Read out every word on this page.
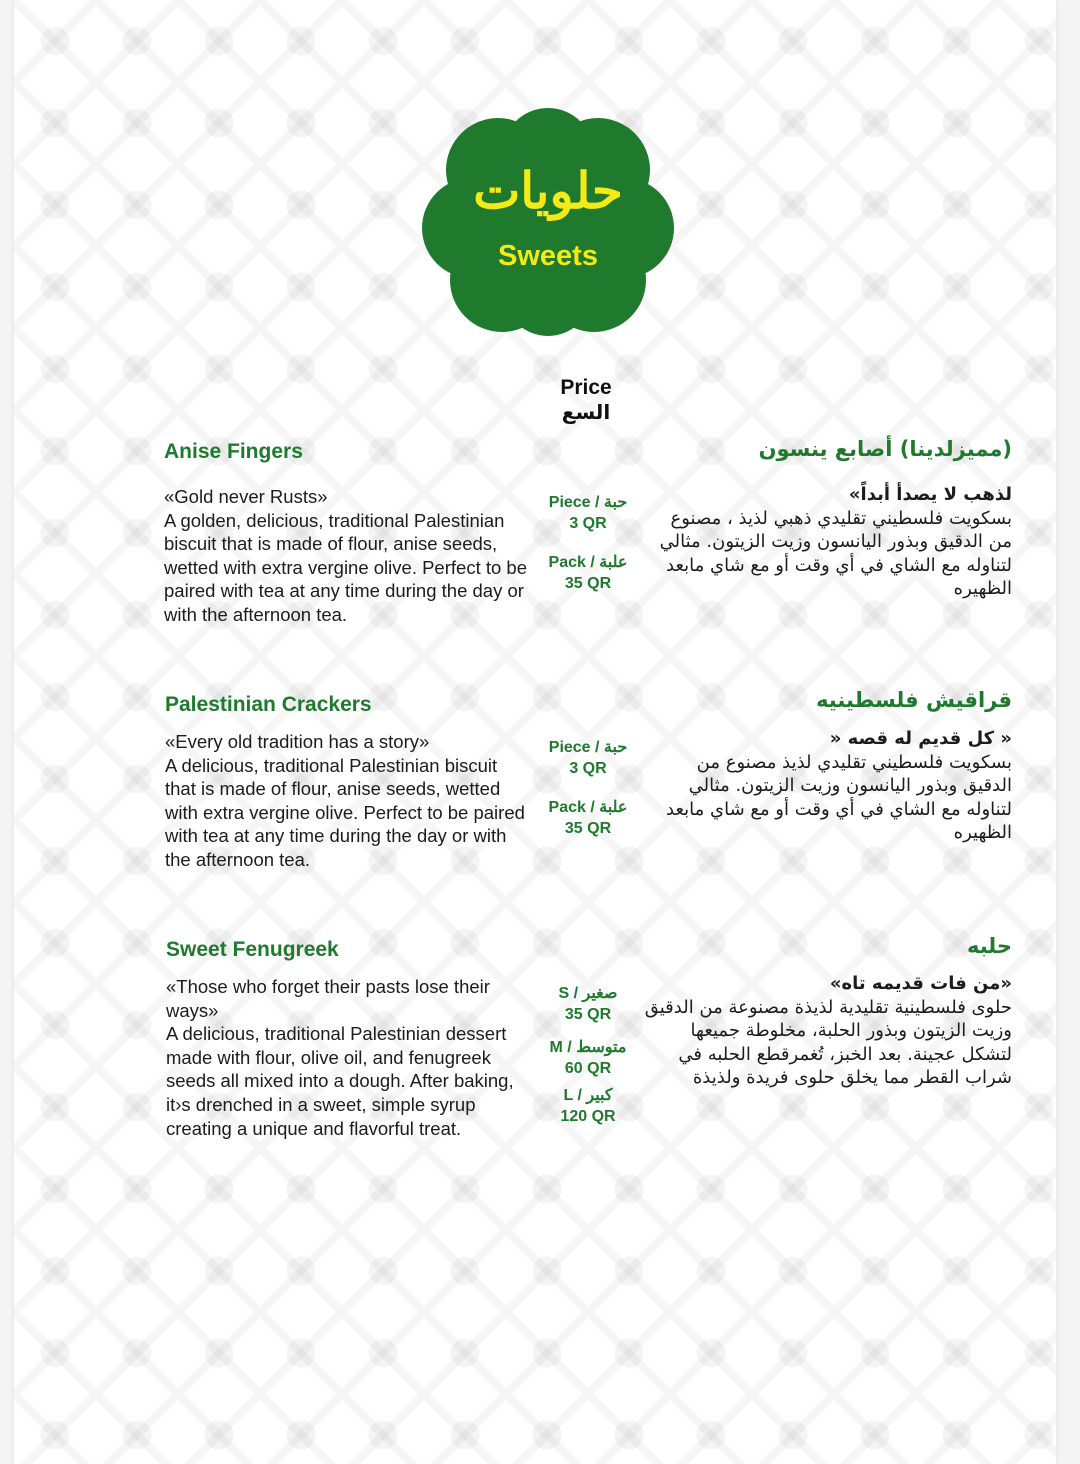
حلويات
Sweets
Price
السع
Anise Fingers
«Gold never Rusts»
A golden, delicious, traditional Palestinian biscuit that is made of flour, anise seeds, wetted with extra vergine olive. Perfect to be paired with tea at any time during the day or with the afternoon tea.
Piece / حبة
3 QR
Pack / علبة
35 QR
(مميزلدينا) أصابع ينسون
لذهب لا يصدأ أبداً»
بسكويت فلسطيني تقليدي ذهبي لذيذ ، مصنوع من الدقيق وبذور اليانسون وزيت الزيتون. مثالي لتناوله مع الشاي في أي وقت أو مع شاي مابعد الظهيره
Palestinian Crackers
«Every old tradition has a story»
A delicious, traditional Palestinian biscuit that is made of flour, anise seeds, wetted with extra vergine olive. Perfect to be paired with tea at any time during the day or with the afternoon tea.
Piece / حبة
3 QR
Pack / علبة
35 QR
قراقيش فلسطينيه
« كل قديم له قصه «
بسكويت فلسطيني تقليدي لذيذ مصنوع من الدقيق وبذور اليانسون وزيت الزيتون. مثالي لتناوله مع الشاي في أي وقت أو مع شاي مابعد الظهيره
Sweet Fenugreek
«Those who forget their pasts lose their ways»
A delicious, traditional Palestinian dessert made with flour, olive oil, and fenugreek seeds all mixed into a dough. After baking, it›s drenched in a sweet, simple syrup creating a unique and flavorful treat.
S / صغير
35 QR
M / متوسط
60 QR
L / كبير
120 QR
حلبه
«من فات قديمه تاه»
حلوى فلسطينية تقليدية لذيذة مصنوعة من الدقيق وزيت الزيتون وبذور الحلبة، مخلوطة جميعها لتشكل عجينة. بعد الخبز، تُغمرقطع الحلبه في شراب القطر مما يخلق حلوى فريدة ولذيذة
